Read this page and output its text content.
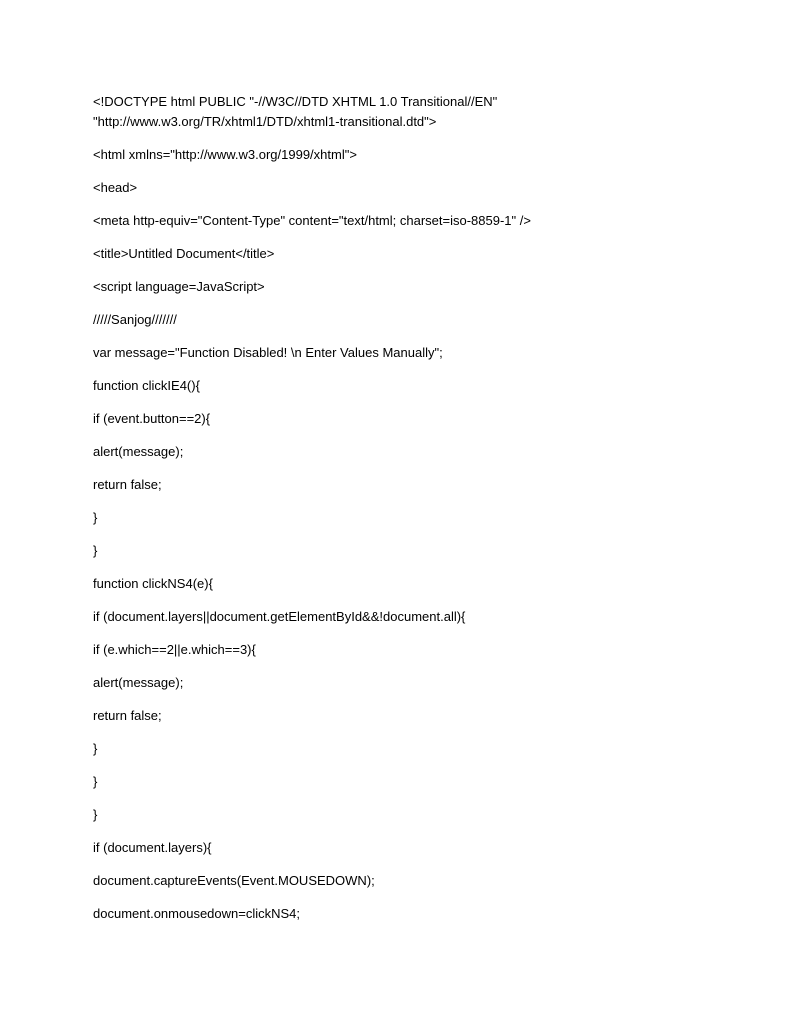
<!DOCTYPE html PUBLIC "-//W3C//DTD XHTML 1.0 Transitional//EN"
"http://www.w3.org/TR/xhtml1/DTD/xhtml1-transitional.dtd">
<html xmlns="http://www.w3.org/1999/xhtml">
<head>
<meta http-equiv="Content-Type" content="text/html; charset=iso-8859-1" />
<title>Untitled Document</title>
<script language=JavaScript>
/////Sanjog///////
var message="Function Disabled! \n Enter Values Manually";
function clickIE4(){
if (event.button==2){
alert(message);
return false;
}
}
function clickNS4(e){
if (document.layers||document.getElementById&&!document.all){
if (e.which==2||e.which==3){
alert(message);
return false;
}
}
}
if (document.layers){
document.captureEvents(Event.MOUSEDOWN);
document.onmousedown=clickNS4;
